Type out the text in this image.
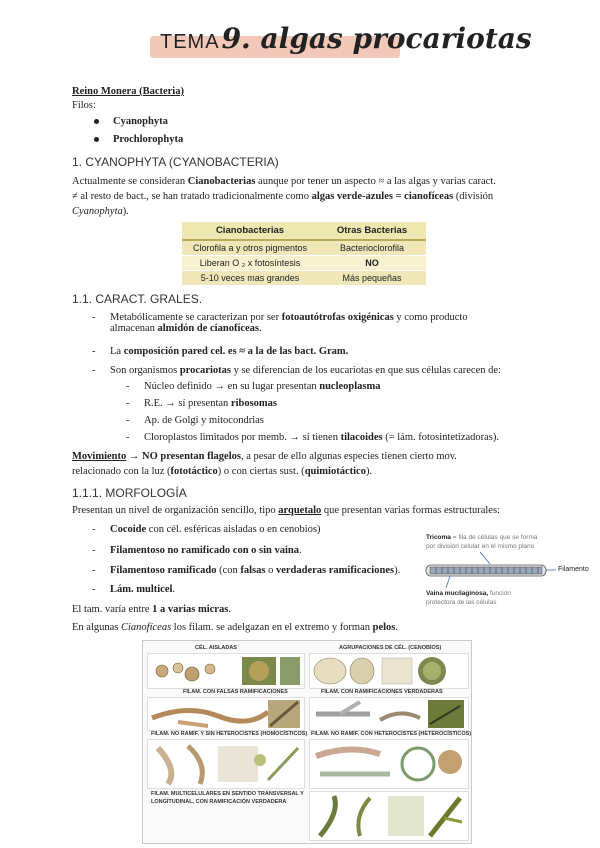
TEMA9. algas procariotas
Reino Monera (Bacteria)
Filos:
Cyanophyta
Prochlorophyta
1. CYANOPHYTA (CYANOBACTERIA)
Actualmente se consideran Cianobacterias aunque por tener un aspecto ≈ a las algas y varias caract.
≠ al resto de bact., se han tratado tradicionalmente como algas verde-azules = cianofíceas (división
Cyanophyta).
Cianobacterias	Otras Bacterias
Clorofila a y otros pigmentos	Bacterioclorofila
Liberan O ₂ x fotosíntesis	NO
5-10 veces mas grandes	Más pequeñas
1.1. CARACT. GRALES.
-	Metabólicamente se caracterizan por ser fotoautótrofas oxigénicas y como producto
almacenan almidón de cianofíceas.
- La composición pared cel. es ≈ a la de las bact. Gram.
- Son organismos procariotas y se diferencian de los eucariotas en que sus células carecen de:
- Núcleo definido → en su lugar presentan nucleoplasma
- R.E. → sí presentan ribosomas
- Ap. de Golgi y mitocondrias
- Cloroplastos limitados por memb. → sí tienen tilacoides (= lám. fotosintetizadoras).
Movimiento → NO presentan flagelos, a pesar de ello algunas especies tienen cierto mov.
relacionado con la luz (fototáctico) o con ciertas sust. (quimiotáctico).
1.1.1. MORFOLOGÍA
Presentan un nivel de organización sencillo, tipo arquetalo que presentan varias formas estructurales:
- Cocoide con cél. esféricas aisladas o en cenobios)
- Filamentoso no ramificado con o sin vaina.
- Filamentoso ramificado (con falsas o verdaderas ramificaciones).
- Lám. multicel.
El tam. varía entre 1 a varias micras.
En algunas Cianofíceas los filam. se adelgazan en el extremo y forman pelos.
Tricoma = fila de células que se forma
por división celular en el mismo plano
Filamento
Vaina mucilaginosa, función
protectora de las células
CÉL. AISLADAS	AGRUPACIONES DE CÉL. (CENOBIOS)
FILAM. CON FALSAS RAMIFICACIONES	FILAM. CON RAMIFICACIONES VERDADERAS
FILAM. NO RAMIF. Y SIN HETEROCISTES (HOMOCÍSTICOS) FILAM. NO RAMIF. CON HETEROCISTES (HETEROCÍSTICOS)
FILAM. MULTICELULARES EN SENTIDO TRANSVERSAL Y
LONGITUDINAL, CON RAMIFICACIÓN VERDADERA
